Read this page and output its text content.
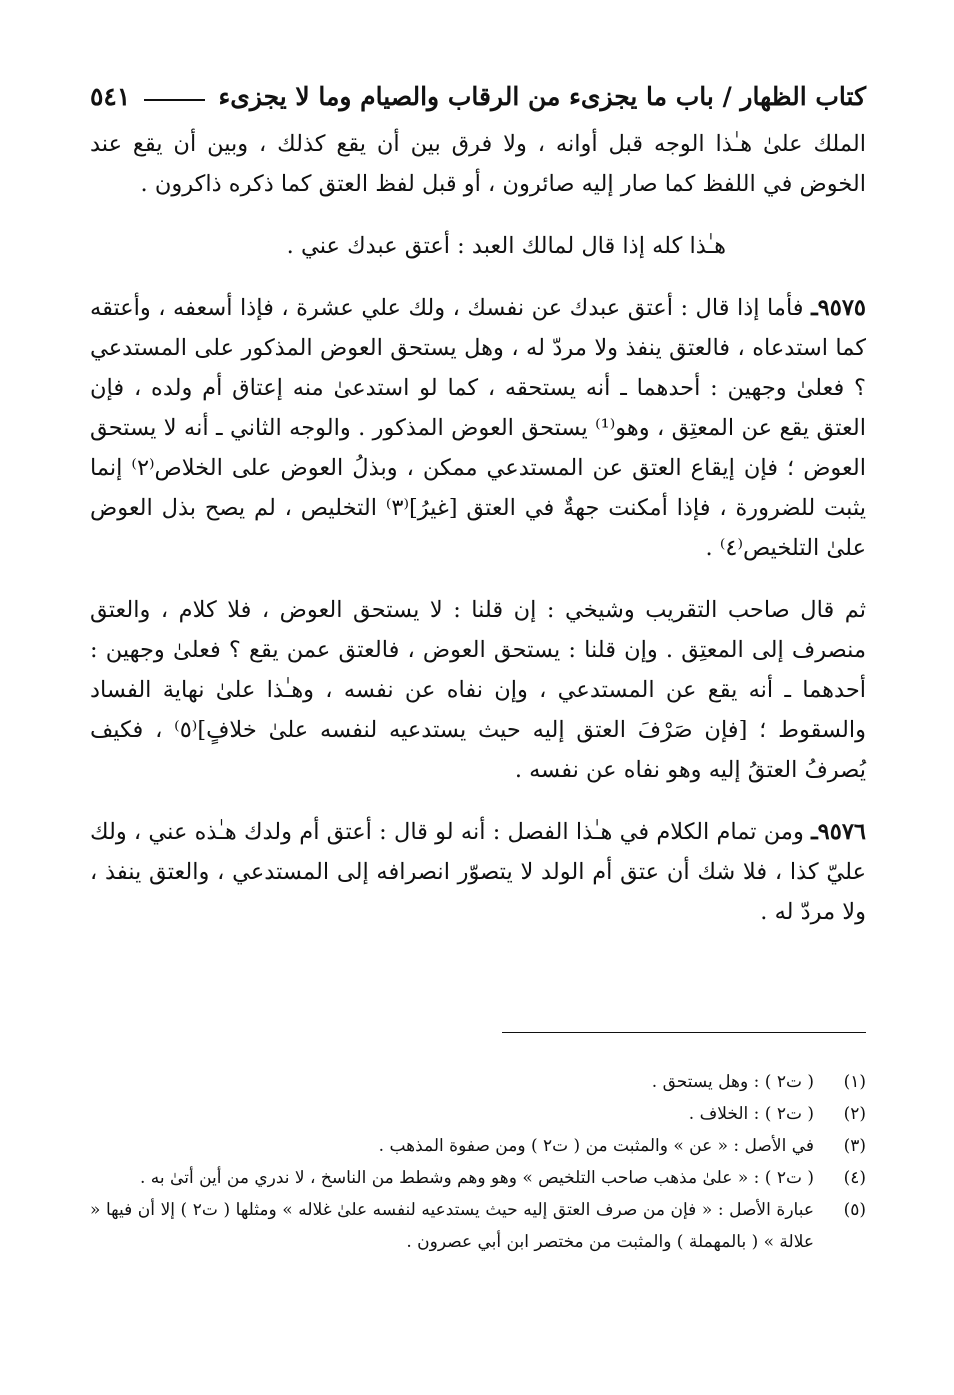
كتاب الظهار / باب ما يجزىء من الرقاب والصيام وما لا يجزىء
٥٤١

الملك علىٰ هـٰذا الوجه قبل أوانه ، ولا فرق بين أن يقع كذلك ، وبين أن يقع عند الخوض في اللفظ كما صار إليه صائرون ، أو قبل لفظ العتق كما ذكره ذاكرون .

هـٰذا كله إذا قال لمالك العبد : أعتق عبدك عني .

٩٥٧٥ـ فأما إذا قال : أعتق عبدك عن نفسك ، ولك علي عشرة ، فإذا أسعفه ، وأعتقه كما استدعاه ، فالعتق ينفذ ولا مردّ له ، وهل يستحق العوض المذكور على المستدعي ؟ فعلىٰ وجهين : أحدهما ـ أنه يستحقه ، كما لو استدعىٰ منه إعتاق أم ولده ، فإن العتق يقع عن المعتِق ، وهو⁽¹⁾ يستحق العوض المذكور . والوجه الثاني ـ أنه لا يستحق العوض ؛ فإن إيقاع العتق عن المستدعي ممكن ، وبذلُ العوض على الخلاص⁽٢⁾ إنما يثبت للضرورة ، فإذا أمكنت جهةٌ في العتق [غيرُ]⁽٣⁾ التخليص ، لم يصح بذل العوض علىٰ التلخيص⁽٤⁾ .

ثم قال صاحب التقريب وشيخي : إن قلنا : لا يستحق العوض ، فلا كلام ، والعتق منصرف إلى المعتِق . وإن قلنا : يستحق العوض ، فالعتق عمن يقع ؟ فعلىٰ وجهين : أحدهما ـ أنه يقع عن المستدعي ، وإن نفاه عن نفسه ، وهـٰذا علىٰ نهاية الفساد والسقوط ؛ [فإن صَرْفَ العتق إليه حيث يستدعيه لنفسه علىٰ خلافٍ]⁽٥⁾ ، فكيف يُصرفُ العتقُ إليه وهو نفاه عن نفسه .

٩٥٧٦ـ ومن تمام الكلام في هـٰذا الفصل : أنه لو قال : أعتق أم ولدك هـٰذه عني ، ولك عليّ كذا ، فلا شك أن عتق أم الولد لا يتصوّر انصرافه إلى المستدعي ، والعتق ينفذ ، ولا مردّ له .

(١)
( ت٢ ) : وهل يستحق .
(٢)
( ت٢ ) : الخلاف .
(٣)
في الأصل : « عن » والمثبت من ( ت٢ ) ومن صفوة المذهب .
(٤)
( ت٢ ) : « علىٰ مذهب صاحب التلخيص » وهو وهم وشطط من الناسخ ، لا ندري من أين أتىٰ به .
(٥)
عبارة الأصل : « فإن من صرف العتق إليه حيث يستدعيه لنفسه علىٰ غلاله » ومثلها ( ت٢ ) إلا أن فيها « علالة » ( بالمهملة ) والمثبت من مختصر ابن أبي عصرون .
